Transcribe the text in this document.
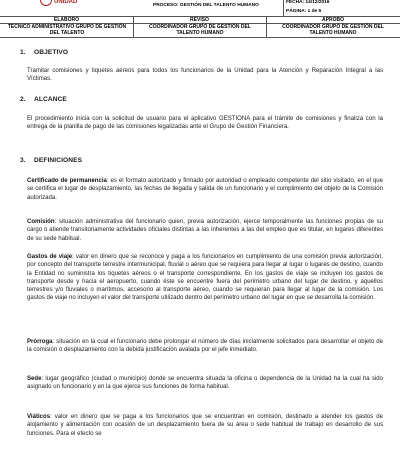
UNIDAD
PROCESO: GESTIÓN DEL TALENTO HUMANO
FECHA: 14/12/2016
PÁGINA: 1 de 5
ELABORO	REVISO	APROBO
TECNICO ADMINISTRATIVO GRUPO DE GESTIÓN DEL TALENTO
COORDINADOR GRUPO DE GESTIÓN DEL TALENTO HUMANO
COORDINADOR GRUPO DE GESTIÓN DEL TALENTO HUMANO
1. OBJETIVO
Tramitar comisiones y tiquetes aéreos para todos los funcionarios de la Unidad para la Atención y Reparación Integral a las Víctimas.
2. ALCANCE
El procedimiento inicia con la solicitud de usuario para el aplicativo GESTIONA para el trámite de comisiones y finaliza con la entrega de la planilla de pago de las comisiones legalizadas ante el Grupo de Gestión Financiera.
3. DEFINICIONES
Certificado de permanencia: es el formato autorizado y firmado por autoridad o empleado competente del sitio visitado, en el que se certifica el lugar de desplazamiento, las fechas de llegada y salida de un funcionario y el cumplimiento del objeto de la Comisión autorizada.
Comisión: situación administrativa del funcionario quien, previa autorización, ejerce temporalmente las funciones propias de su cargo o atiende transitoriamente actividades oficiales distintas a las inherentes a las del empleo que es titular, en lugares diferentes de su sede habitual.
Gastos de viaje: valor en dinero que se reconoce y paga a los funcionarios en cumplimiento de una comisión previa autorización, por concepto del transporte terrestre intermunicipal, fluvial o aéreo que se requiera para llegar al lugar o lugares de destino, cuando la Entidad no suministra los tiquetes aéreos o el transporte correspondiente. En los gastos de viaje se incluyen los gastos de transporte desde y hacia el aeropuerto, cuando éste se encuentre fuera del perímetro urbano del lugar de destino, y aquellos terrestres y/o fluviales o marítimos, accesorio al transporte aéreo, cuando se requieran para llegar al lugar de la comisión. Los gastos de viaje no incluyen el valor del transporte utilizado dentro del perímetro urbano del lugar en que se desarrolla la comisión.
Prórroga: situación en la cual el funcionario debe prolongar el número de días inicialmente solicitados para desarrollar el objeto de la comisión o desplazamiento con la debida justificación avalada por el jefe inmediato.
Sede: lugar geográfico (ciudad o municipio) donde se encuentra situada la oficina o dependencia de la Unidad ha la cual ha sido asignado un funcionario y en la que ejerce sus funciones de forma habitual.
Viáticos: valor en dinero que se paga a los funcionarios que se encuentran en comisión, destinado a atender los gastos de alojamiento y alimentación con ocasión de un desplazamiento fuera de su área o sede habitual de trabajo en desarrollo de sus funciones. Para el efecto se
